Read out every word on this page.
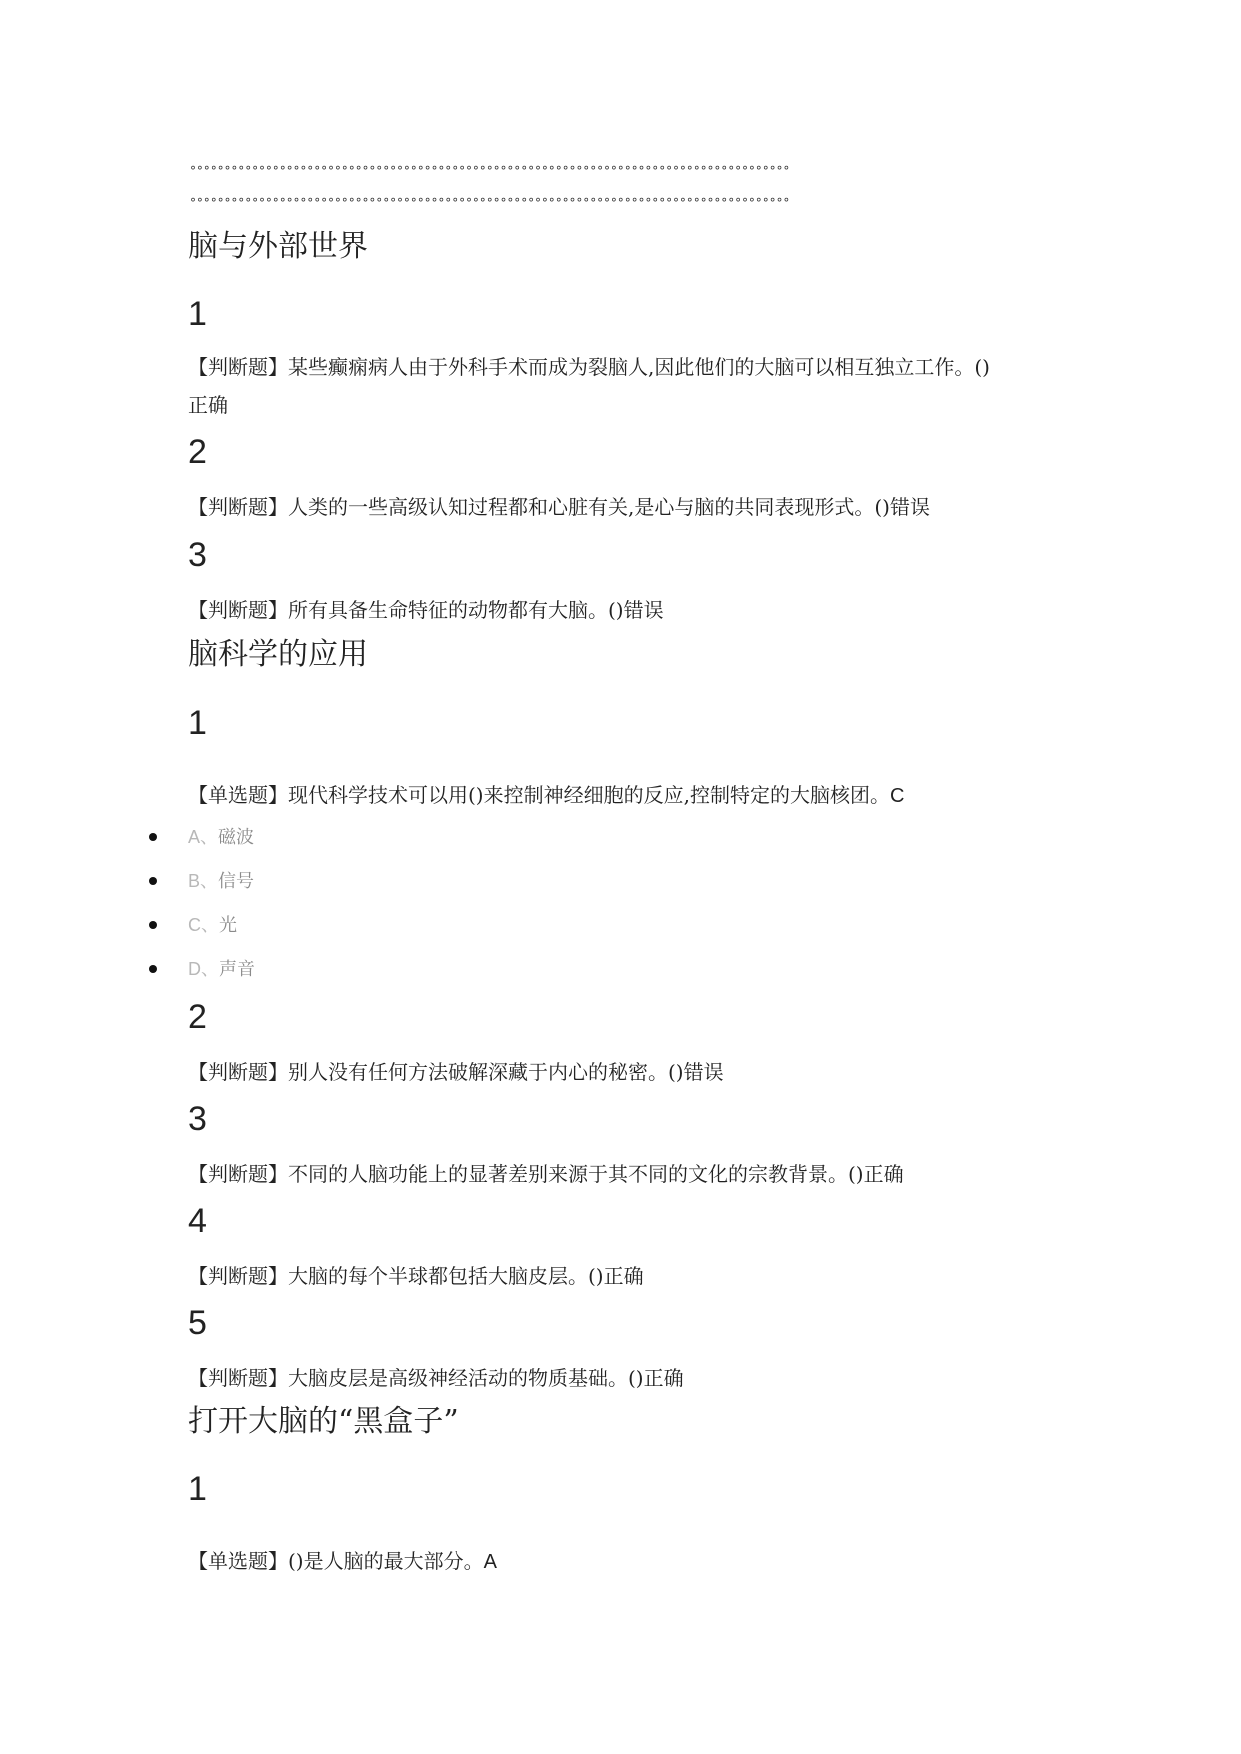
°°°°°°°°°°°°°°°°°°°°°°°°°°°°°°°°°°°°°°°°°°°°°°°°°°°°°°°°°°°°°°°°°°°°°°°°°°°°°°°°°°°°°°°
°°°°°°°°°°°°°°°°°°°°°°°°°°°°°°°°°°°°°°°°°°°°°°°°°°°°°°°°°°°°°°°°°°°°°°°°°°°°°°°°°°°°°°°
脑与外部世界
1
【判断题】某些癫痫病人由于外科手术而成为裂脑人,因此他们的大脑可以相互独立工作。()
正确
2
【判断题】人类的一些高级认知过程都和心脏有关,是心与脑的共同表现形式。()错误
3
【判断题】所有具备生命特征的动物都有大脑。()错误
脑科学的应用
1
【单选题】现代科学技术可以用()来控制神经细胞的反应,控制特定的大脑核团。C
A、磁波
B、信号
C、光
D、声音
2
【判断题】别人没有任何方法破解深藏于内心的秘密。()错误
3
【判断题】不同的人脑功能上的显著差别来源于其不同的文化的宗教背景。()正确
4
【判断题】大脑的每个半球都包括大脑皮层。()正确
5
【判断题】大脑皮层是高级神经活动的物质基础。()正确
打开大脑的“黑盒子”
1
【单选题】()是人脑的最大部分。A
